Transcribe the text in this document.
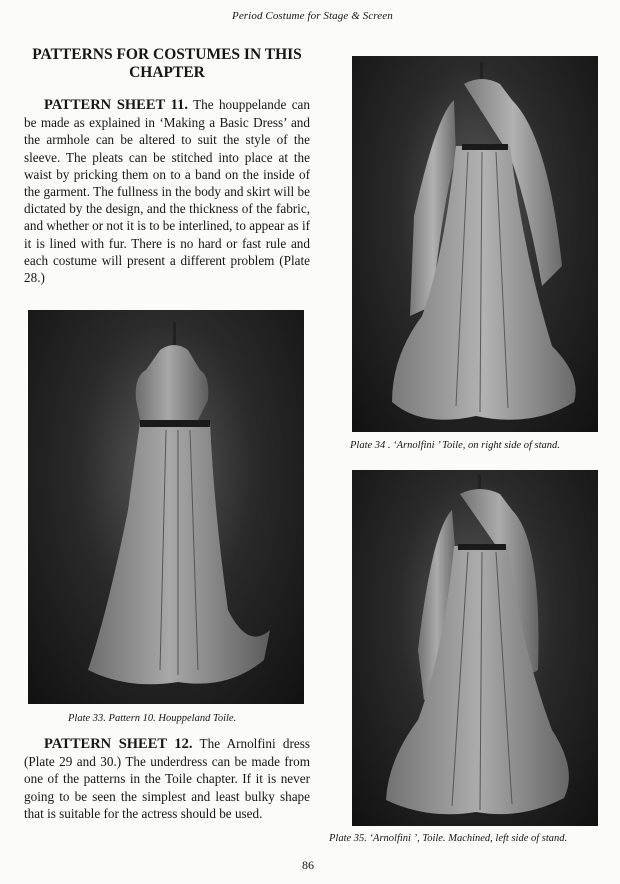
Period Costume for Stage & Screen
PATTERNS FOR COSTUMES IN THIS CHAPTER
PATTERN SHEET 11. The houppelande can be made as explained in ‘Making a Basic Dress’ and the armhole can be altered to suit the style of the sleeve. The pleats can be stitched into place at the waist by pricking them on to a band on the inside of the garment. The fullness in the body and skirt will be dictated by the design, and the thickness of the fabric, and whether or not it is to be interlined, to appear as if it is lined with fur. There is no hard or fast rule and each costume will present a different problem (Plate 28.)
Plate 33. Pattern 10. Houppeland Toile.
PATTERN SHEET 12. The Arnolfini dress (Plate 29 and 30.) The underdress can be made from one of the patterns in the Toile chapter. If it is never going to be seen the simplest and least bulky shape that is suitable for the actress should be used.
Plate 34 . ‘Arnolfini ’ Toile, on right side of stand.
Plate 35. ‘Arnolfini ’, Toile. Machined, left side of stand.
86
